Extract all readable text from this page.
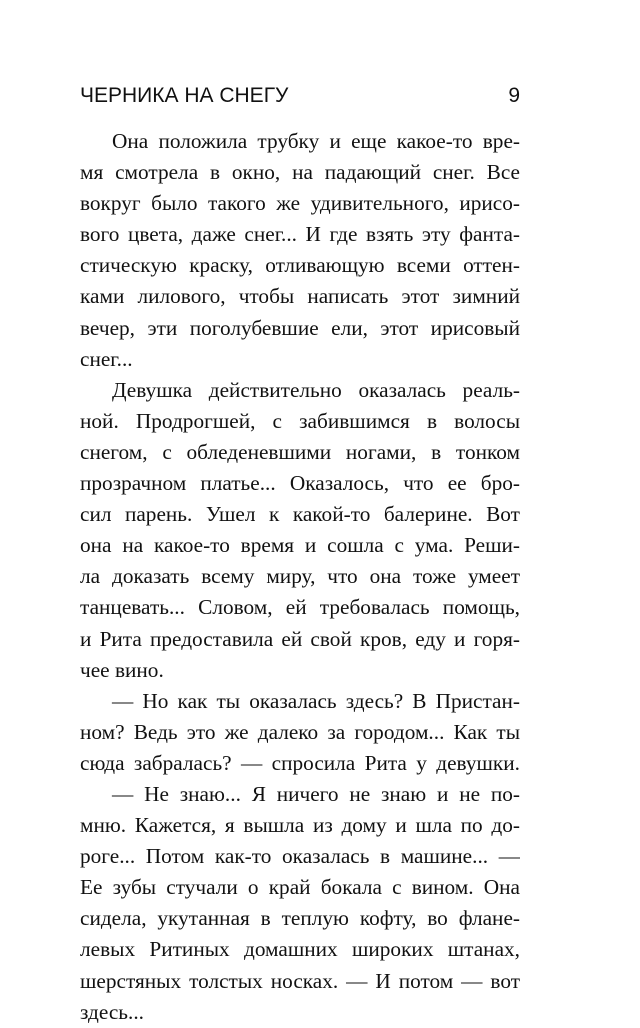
ЧЕРНИКА НА СНЕГУ	9
Она положила трубку и еще какое-то вре-
мя смотрела в окно, на падающий снег. Все
вокруг было такого же удивительного, ирисо-
вого цвета, даже снег... И где взять эту фанта-
стическую краску, отливающую всеми оттен-
ками лилового, чтобы написать этот зимний
вечер, эти поголубевшие ели, этот ирисовый
снег...
Девушка действительно оказалась реаль-
ной. Продрогшей, с забившимся в волосы
снегом, с обледеневшими ногами, в тонком
прозрачном платье... Оказалось, что ее бро-
сил парень. Ушел к какой-то балерине. Вот
она на какое-то время и сошла с ума. Реши-
ла доказать всему миру, что она тоже умеет
танцевать... Словом, ей требовалась помощь,
и Рита предоставила ей свой кров, еду и горя-
чее вино.
— Но как ты оказалась здесь? В Пристан-
ном? Ведь это же далеко за городом... Как ты
сюда забралась? — спросила Рита у девушки.
— Не знаю... Я ничего не знаю и не по-
мню. Кажется, я вышла из дому и шла по до-
роге... Потом как-то оказалась в машине... —
Ее зубы стучали о край бокала с вином. Она
сидела, укутанная в теплую кофту, во флане-
левых Ритиных домашних широких штанах,
шерстяных толстых носках. — И потом — вот
здесь...
